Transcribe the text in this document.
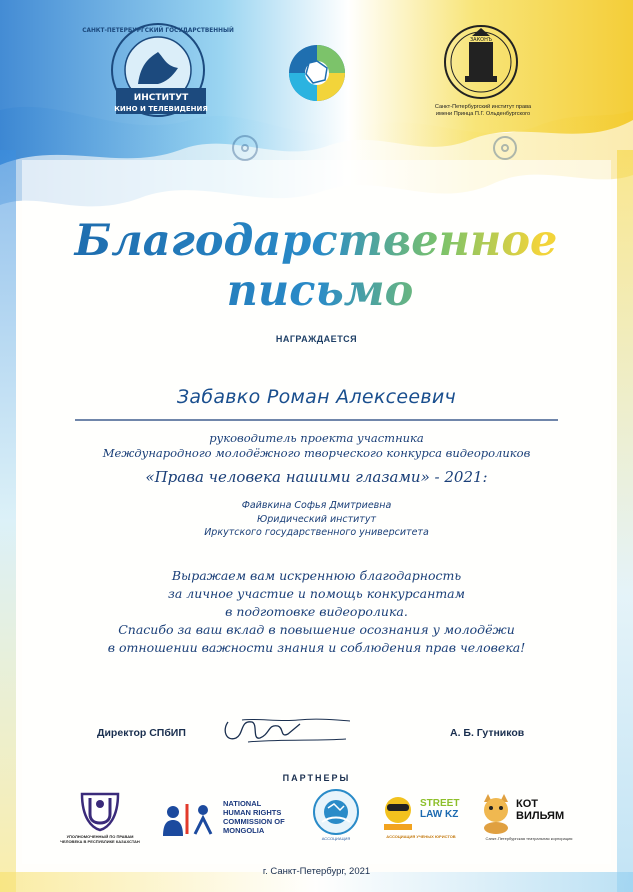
ИНСТИТУТ
КИНО И ТЕЛЕВИДЕНИЯ
САНКТ-ПЕТЕРБУРГСКИЙ ГОСУДАРСТВЕННЫЙ
ЗАКОНЪ
Санкт-Петербургский институт права
имени Принца П.Г. Ольденбургского
Благодарственное
письмо
НАГРАЖДАЕТСЯ
Забавко Роман Алексеевич
руководитель проекта участника
Международного молодёжного творческого конкурса видеороликов
«Права человека нашими глазами» - 2021:
Файвкина Софья Дмитриевна
Юридический институт
Иркутского государственного университета
Выражаем вам искреннюю благодарность
за личное участие и помощь конкурсантам
в подготовке видеоролика.
Спасибо за ваш вклад в повышение осознания у молодёжи
в отношении важности знания и соблюдения прав человека!
Директор СПбИП	А. Б. Гутников
ПАРТНЕРЫ
УПОЛНОМОЧЕННЫЙ ПО ПРАВАМ ЧЕЛОВЕКА В РЕСПУБЛИКЕ КАЗАХСТАН
NATIONAL
HUMAN RIGHTS
COMMISSION OF
MONGOLIA
АССОЦИАЦИЯ
STREET
LAW KZ
АССОЦИАЦИЯ УЧЕНЫХ ЮРИСТОВ
КОТ
ВИЛЬЯМ
Санкт-Петербургская театральная корпорация
г. Санкт-Петербург, 2021
